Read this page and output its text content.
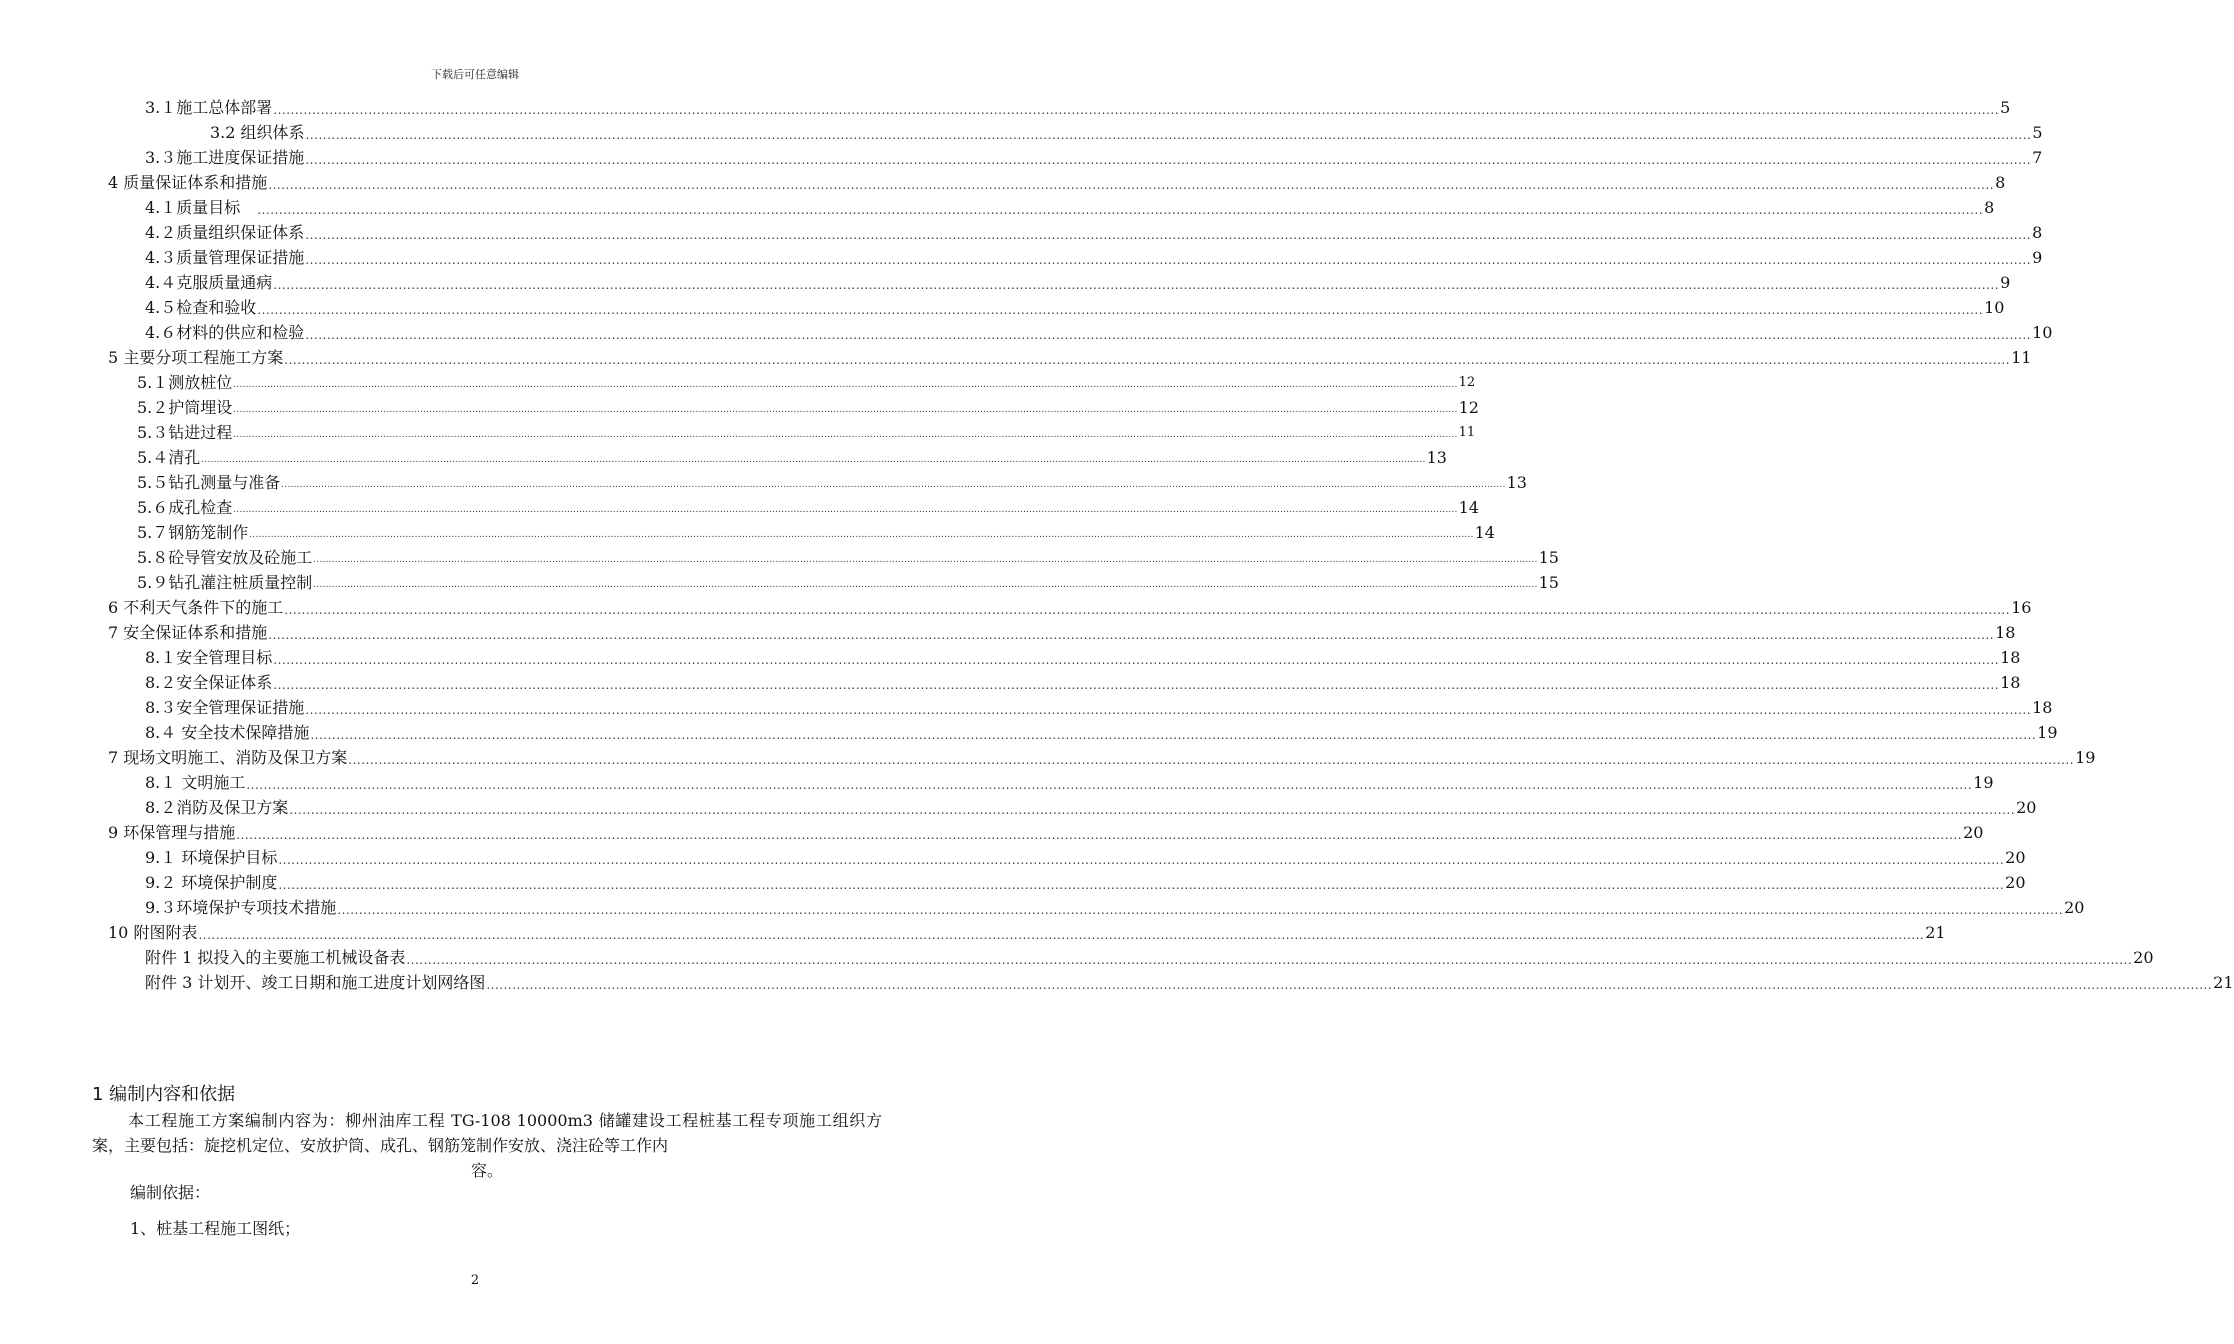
下载后可任意编辑
3.１施工总体部署 ................................................................................................................................................................................................................................................................................................................................................................................................................ 5
3.2 组织体系 ................................................................................................................................................................................................................................................................................................................................................................................................................ 5
3.３施工进度保证措施 ................................................................................................................................................................................................................................................................................................................................................................................................................ 7
4 质量保证体系和措施 ................................................................................................................................................................................................................................................................................................................................................................................................................ 8
4.１质量目标　 ................................................................................................................................................................................................................................................................................................................................................................................................................ 8
4.２质量组织保证体系 ................................................................................................................................................................................................................................................................................................................................................................................................................ 8
4.３质量管理保证措施 ................................................................................................................................................................................................................................................................................................................................................................................................................ 9
4.４克服质量通病 ................................................................................................................................................................................................................................................................................................................................................................................................................ 9
4.５检查和验收 ................................................................................................................................................................................................................................................................................................................................................................................................................ 10
4.６材料的供应和检验 ................................................................................................................................................................................................................................................................................................................................................................................................................ 10
5 主要分项工程施工方案 ................................................................................................................................................................................................................................................................................................................................................................................................................ 11
5.１测放桩位 ................................................................................................................................................................................................................................................................................................................................................................................................................ 12
5.２护筒埋设 ................................................................................................................................................................................................................................................................................................................................................................................................................ 12
5.３钻进过程 ................................................................................................................................................................................................................................................................................................................................................................................................................ 11
5.４清孔 ................................................................................................................................................................................................................................................................................................................................................................................................................ 13
5.５钻孔测量与准备 ................................................................................................................................................................................................................................................................................................................................................................................................................ 13
5.６成孔检查 ................................................................................................................................................................................................................................................................................................................................................................................................................ 14
5.７钢筋笼制作 ................................................................................................................................................................................................................................................................................................................................................................................................................ 14
5.８砼导管安放及砼施工 ................................................................................................................................................................................................................................................................................................................................................................................................................ 15
5.９钻孔灌注桩质量控制 ................................................................................................................................................................................................................................................................................................................................................................................................................ 15
6 不利天气条件下的施工 ................................................................................................................................................................................................................................................................................................................................................................................................................ 16
7 安全保证体系和措施 ................................................................................................................................................................................................................................................................................................................................................................................................................ 18
8.１安全管理目标 ................................................................................................................................................................................................................................................................................................................................................................................................................ 18
8.２安全保证体系 ................................................................................................................................................................................................................................................................................................................................................................................................................ 18
8.３安全管理保证措施 ................................................................................................................................................................................................................................................................................................................................................................................................................ 18
8.４ 安全技术保障措施 ................................................................................................................................................................................................................................................................................................................................................................................................................ 19
7 现场文明施工、消防及保卫方案 ................................................................................................................................................................................................................................................................................................................................................................................................................ 19
8.１ 文明施工 ................................................................................................................................................................................................................................................................................................................................................................................................................ 19
8.２消防及保卫方案 ................................................................................................................................................................................................................................................................................................................................................................................................................ 20
9 环保管理与措施 ................................................................................................................................................................................................................................................................................................................................................................................................................ 20
9.１ 环境保护目标 ................................................................................................................................................................................................................................................................................................................................................................................................................ 20
9.２ 环境保护制度 ................................................................................................................................................................................................................................................................................................................................................................................................................ 20
9.３环境保护专项技术措施 ................................................................................................................................................................................................................................................................................................................................................................................................................ 20
10 附图附表 ................................................................................................................................................................................................................................................................................................................................................................................................................ 21
附件 1 拟投入的主要施工机械设备表 ................................................................................................................................................................................................................................................................................................................................................................................................................ 20
附件 3 计划开、竣工日期和施工进度计划网络图 ................................................................................................................................................................................................................................................................................................................................................................................................................ 21
1 编制内容和依据
本工程施工方案编制内容为：柳州油库工程 TG-108 10000m3 储罐建设工程桩基工程专项施工组织方案，主要包括：旋挖机定位、安放护筒、成孔、钢筋笼制作安放、浇注砼等工作内
容。
编制依据：
1、桩基工程施工图纸；
2
